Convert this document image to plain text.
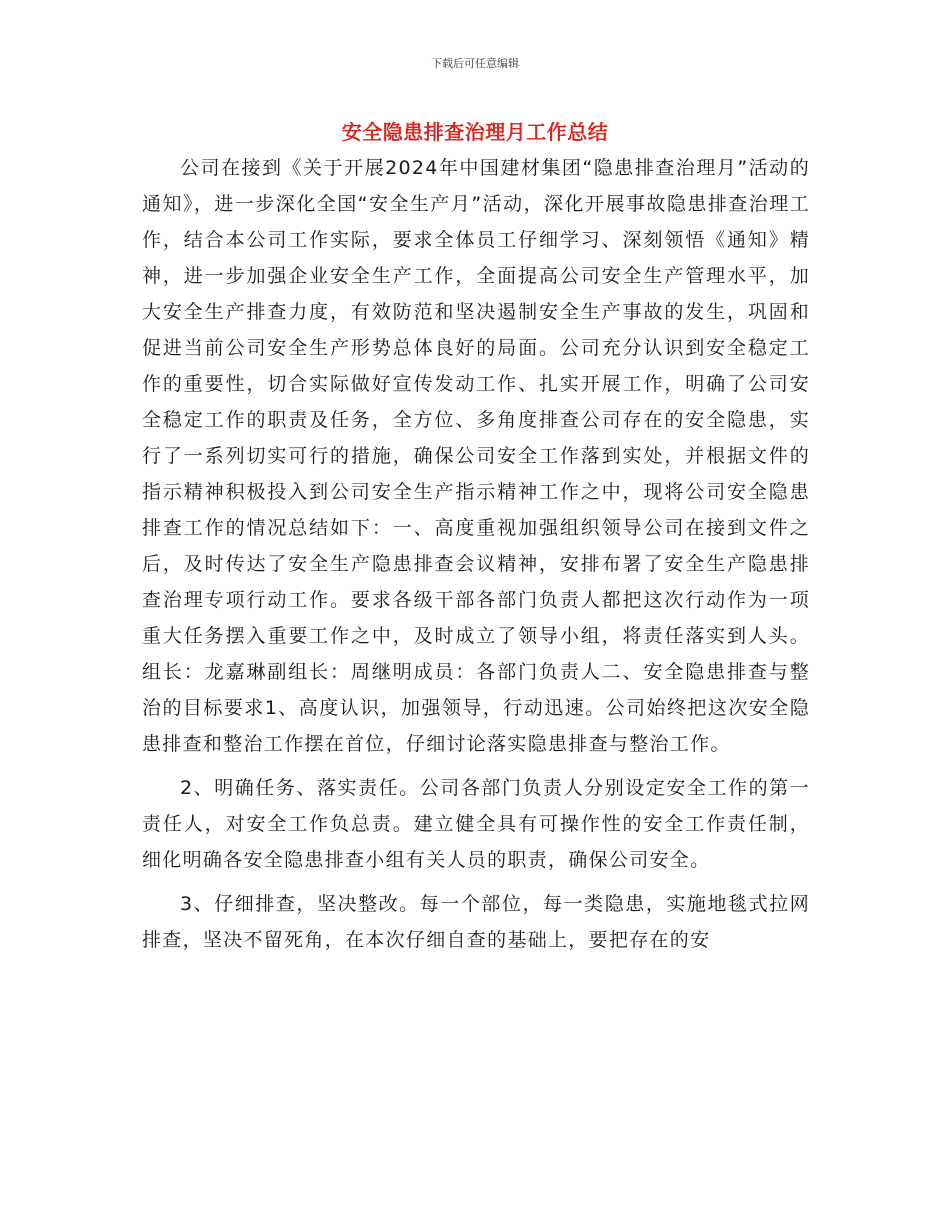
下载后可任意编辑
安全隐患排查治理月工作总结

公司在接到《关于开展2024年中国建材集团“隐患排查治理月”活动的通知》，进一步深化全国“安全生产月”活动，深化开展事故隐患排查治理工作，结合本公司工作实际，要求全体员工仔细学习、深刻领悟《通知》精神，进一步加强企业安全生产工作，全面提高公司安全生产管理水平，加大安全生产排查力度，有效防范和坚决遏制安全生产事故的发生，巩固和促进当前公司安全生产形势总体良好的局面。公司充分认识到安全稳定工作的重要性，切合实际做好宣传发动工作、扎实开展工作，明确了公司安全稳定工作的职责及任务，全方位、多角度排查公司存在的安全隐患，实行了一系列切实可行的措施，确保公司安全工作落到实处，并根据文件的指示精神积极投入到公司安全生产指示精神工作之中，现将公司安全隐患排查工作的情况总结如下：一、高度重视加强组织领导公司在接到文件之后，及时传达了安全生产隐患排查会议精神，安排布署了安全生产隐患排查治理专项行动工作。要求各级干部各部门负责人都把这次行动作为一项重大任务摆入重要工作之中，及时成立了领导小组，将责任落实到人头。组长：龙嘉琳副组长：周继明成员：各部门负责人二、安全隐患排查与整治的目标要求1、高度认识，加强领导，行动迅速。公司始终把这次安全隐患排查和整治工作摆在首位，仔细讨论落实隐患排查与整治工作。

2、明确任务、落实责任。公司各部门负责人分别设定安全工作的第一责任人，对安全工作负总责。建立健全具有可操作性的安全工作责任制，细化明确各安全隐患排查小组有关人员的职责，确保公司安全。

3、仔细排查，坚决整改。每一个部位，每一类隐患，实施地毯式拉网排查，坚决不留死角，在本次仔细自查的基础上，要把存在的安
